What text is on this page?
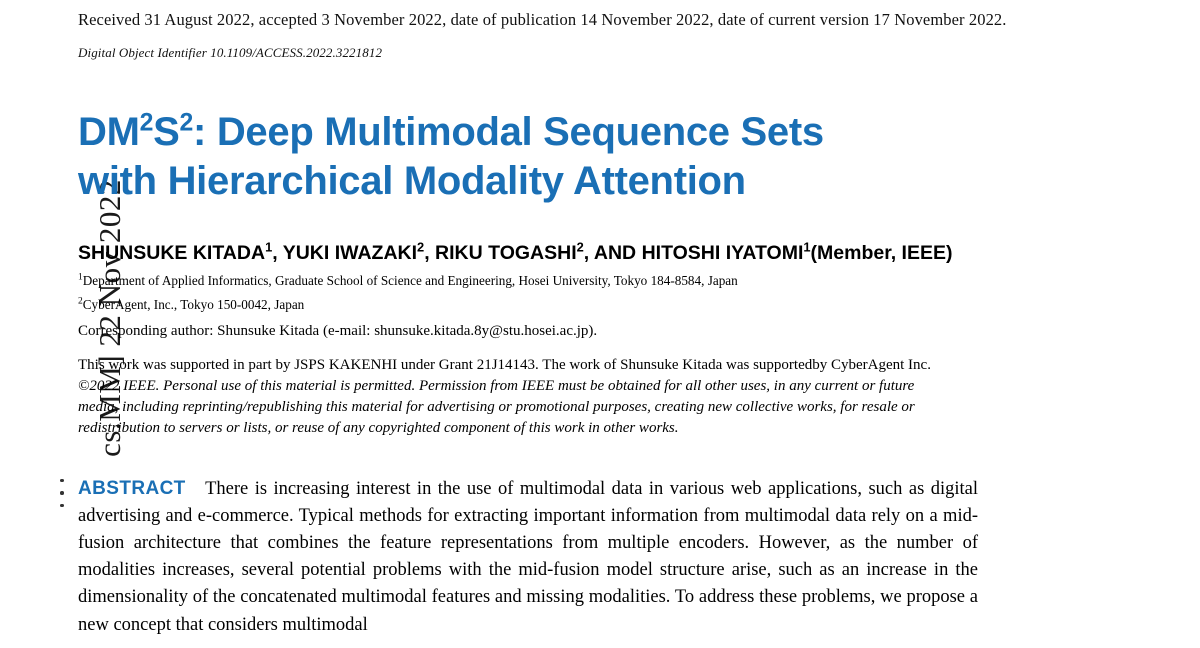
cs.MM] 22 Nov 2022
Received 31 August 2022, accepted 3 November 2022, date of publication 14 November 2022, date of current version 17 November 2022.
Digital Object Identifier 10.1109/ACCESS.2022.3221812
$DM^2S^2$: Deep Multimodal Sequence Sets
with Hierarchical Modality Attention
SHUNSUKE KITADA$^1$, YUKI IWAZAKI$^2$, RIKU TOGASHI$^2$, AND HITOSHI IYATOMI$^1$(Member, IEEE)
$^1$Department of Applied Informatics, Graduate School of Science and Engineering, Hosei University, Tokyo 184-8584, Japan
$^2$CyberAgent, Inc., Tokyo 150-0042, Japan
Corresponding author: Shunsuke Kitada (e-mail: shunsuke.kitada.8y@stu.hosei.ac.jp).
This work was supported in part by JSPS KAKENHI under Grant 21J14143. The work of Shunsuke Kitada was supportedby CyberAgent Inc. ©2022 IEEE. Personal use of this material is permitted. Permission from IEEE must be obtained for all other uses, in any current or future media, including reprinting/republishing this material for advertising or promotional purposes, creating new collective works, for resale or redistribution to servers or lists, or reuse of any copyrighted component of this work in other works.
ABSTRACT There is increasing interest in the use of multimodal data in various web applications, such as digital advertising and e-commerce. Typical methods for extracting important information from multimodal data rely on a mid-fusion architecture that combines the feature representations from multiple encoders. However, as the number of modalities increases, several potential problems with the mid-fusion model structure arise, such as an increase in the dimensionality of the concatenated multimodal features and missing modalities. To address these problems, we propose a new concept that considers multimodal
